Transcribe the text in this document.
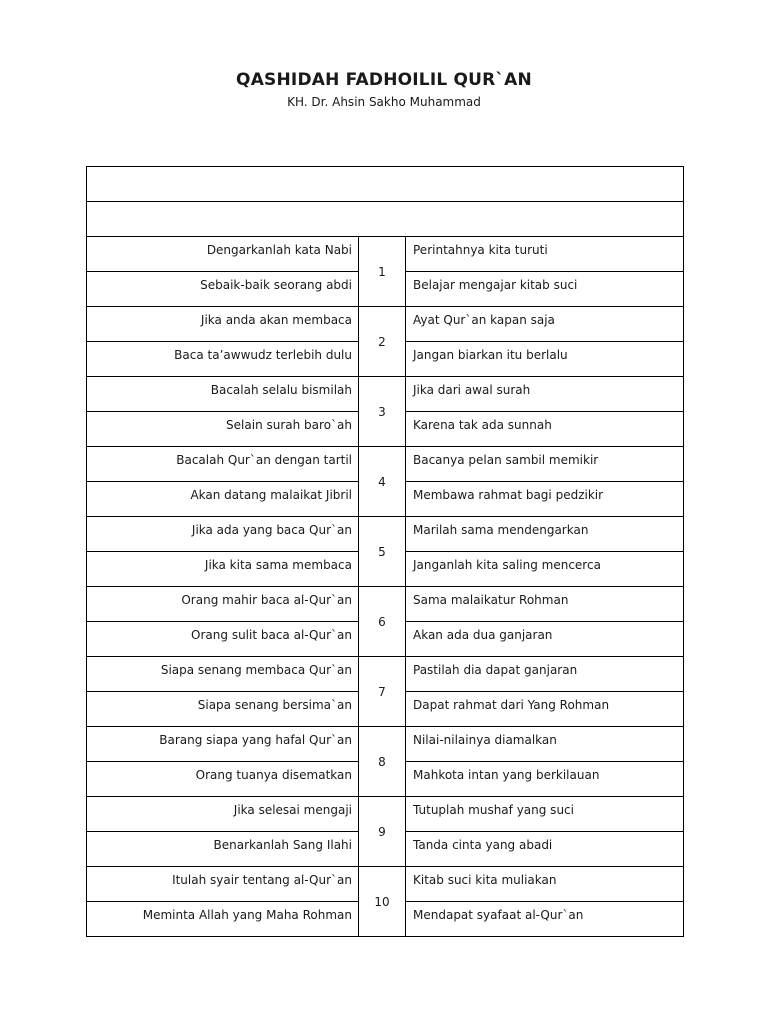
QASHIDAH FADHOILIL QUR`AN
KH. Dr. Ahsin Sakho Muhammad

Dengarkanlah kata Nabi	1	Perintahnya kita turuti
Sebaik-baik seorang abdi		Belajar mengajar kitab suci
Jika anda akan membaca	2	Ayat Qur`an kapan saja
Baca ta’awwudz terlebih dulu		Jangan biarkan itu berlalu
Bacalah selalu bismilah	3	Jika dari awal surah
Selain surah baro`ah		Karena tak ada sunnah
Bacalah Qur`an dengan tartil	4	Bacanya pelan sambil memikir
Akan datang malaikat Jibril		Membawa rahmat bagi pedzikir
Jika ada yang baca Qur`an	5	Marilah sama mendengarkan
Jika kita sama membaca		Janganlah kita saling mencerca
Orang mahir baca al-Qur`an	6	Sama malaikatur Rohman
Orang sulit baca al-Qur`an		Akan ada dua ganjaran
Siapa senang membaca Qur`an	7	Pastilah dia dapat ganjaran
Siapa senang bersima`an		Dapat rahmat dari Yang Rohman
Barang siapa yang hafal Qur`an	8	Nilai-nilainya diamalkan
Orang tuanya disematkan		Mahkota intan yang berkilauan
Jika selesai mengaji	9	Tutuplah mushaf yang suci
Benarkanlah Sang Ilahi		Tanda cinta yang abadi
Itulah syair tentang al-Qur`an	10	Kitab suci kita muliakan
Meminta Allah yang Maha Rohman		Mendapat syafaat al-Qur`an
